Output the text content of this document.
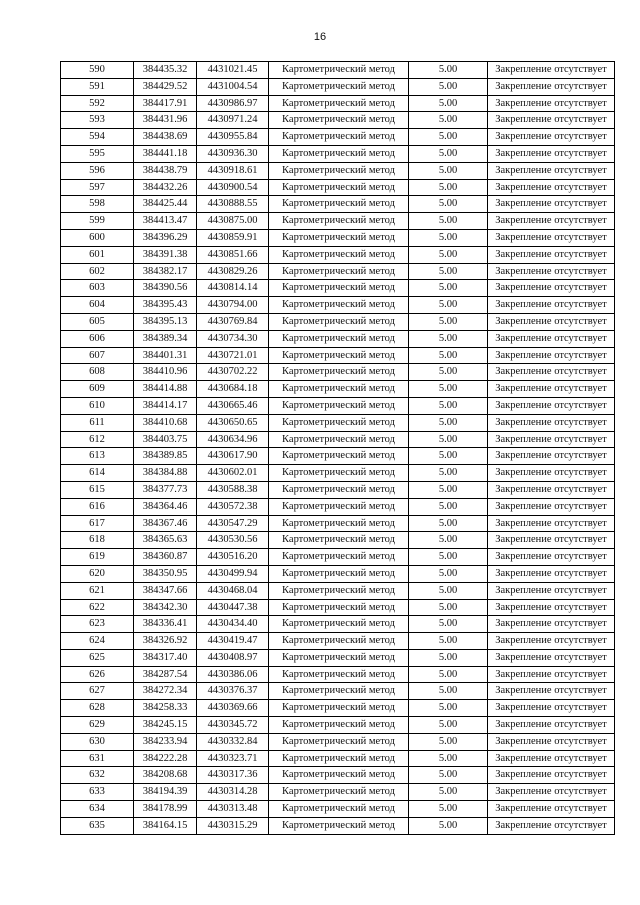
16
590	384435.32	4431021.45	Картометрический метод	5.00	Закрепление отсутствует
591	384429.52	4431004.54	Картометрический метод	5.00	Закрепление отсутствует
592	384417.91	4430986.97	Картометрический метод	5.00	Закрепление отсутствует
593	384431.96	4430971.24	Картометрический метод	5.00	Закрепление отсутствует
594	384438.69	4430955.84	Картометрический метод	5.00	Закрепление отсутствует
595	384441.18	4430936.30	Картометрический метод	5.00	Закрепление отсутствует
596	384438.79	4430918.61	Картометрический метод	5.00	Закрепление отсутствует
597	384432.26	4430900.54	Картометрический метод	5.00	Закрепление отсутствует
598	384425.44	4430888.55	Картометрический метод	5.00	Закрепление отсутствует
599	384413.47	4430875.00	Картометрический метод	5.00	Закрепление отсутствует
600	384396.29	4430859.91	Картометрический метод	5.00	Закрепление отсутствует
601	384391.38	4430851.66	Картометрический метод	5.00	Закрепление отсутствует
602	384382.17	4430829.26	Картометрический метод	5.00	Закрепление отсутствует
603	384390.56	4430814.14	Картометрический метод	5.00	Закрепление отсутствует
604	384395.43	4430794.00	Картометрический метод	5.00	Закрепление отсутствует
605	384395.13	4430769.84	Картометрический метод	5.00	Закрепление отсутствует
606	384389.34	4430734.30	Картометрический метод	5.00	Закрепление отсутствует
607	384401.31	4430721.01	Картометрический метод	5.00	Закрепление отсутствует
608	384410.96	4430702.22	Картометрический метод	5.00	Закрепление отсутствует
609	384414.88	4430684.18	Картометрический метод	5.00	Закрепление отсутствует
610	384414.17	4430665.46	Картометрический метод	5.00	Закрепление отсутствует
611	384410.68	4430650.65	Картометрический метод	5.00	Закрепление отсутствует
612	384403.75	4430634.96	Картометрический метод	5.00	Закрепление отсутствует
613	384389.85	4430617.90	Картометрический метод	5.00	Закрепление отсутствует
614	384384.88	4430602.01	Картометрический метод	5.00	Закрепление отсутствует
615	384377.73	4430588.38	Картометрический метод	5.00	Закрепление отсутствует
616	384364.46	4430572.38	Картометрический метод	5.00	Закрепление отсутствует
617	384367.46	4430547.29	Картометрический метод	5.00	Закрепление отсутствует
618	384365.63	4430530.56	Картометрический метод	5.00	Закрепление отсутствует
619	384360.87	4430516.20	Картометрический метод	5.00	Закрепление отсутствует
620	384350.95	4430499.94	Картометрический метод	5.00	Закрепление отсутствует
621	384347.66	4430468.04	Картометрический метод	5.00	Закрепление отсутствует
622	384342.30	4430447.38	Картометрический метод	5.00	Закрепление отсутствует
623	384336.41	4430434.40	Картометрический метод	5.00	Закрепление отсутствует
624	384326.92	4430419.47	Картометрический метод	5.00	Закрепление отсутствует
625	384317.40	4430408.97	Картометрический метод	5.00	Закрепление отсутствует
626	384287.54	4430386.06	Картометрический метод	5.00	Закрепление отсутствует
627	384272.34	4430376.37	Картометрический метод	5.00	Закрепление отсутствует
628	384258.33	4430369.66	Картометрический метод	5.00	Закрепление отсутствует
629	384245.15	4430345.72	Картометрический метод	5.00	Закрепление отсутствует
630	384233.94	4430332.84	Картометрический метод	5.00	Закрепление отсутствует
631	384222.28	4430323.71	Картометрический метод	5.00	Закрепление отсутствует
632	384208.68	4430317.36	Картометрический метод	5.00	Закрепление отсутствует
633	384194.39	4430314.28	Картометрический метод	5.00	Закрепление отсутствует
634	384178.99	4430313.48	Картометрический метод	5.00	Закрепление отсутствует
635	384164.15	4430315.29	Картометрический метод	5.00	Закрепление отсутствует
